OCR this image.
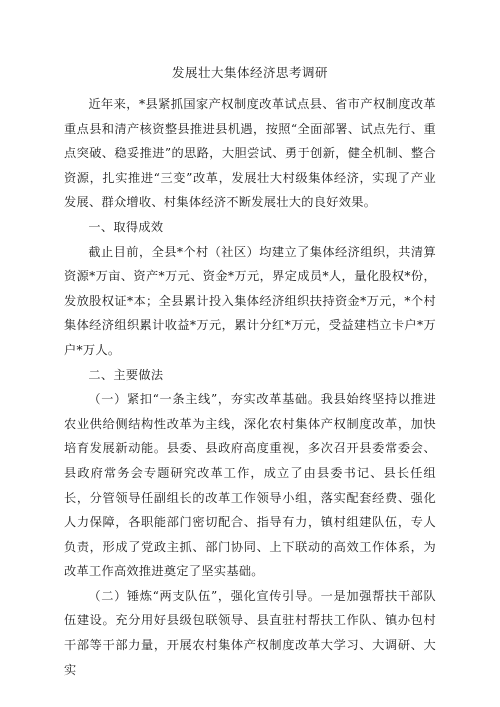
发展壮大集体经济思考调研

近年来，*县紧抓国家产权制度改革试点县、省市产权制度改革重点县和清产核资整县推进县机遇，按照“全面部署、试点先行、重点突破、稳妥推进”的思路，大胆尝试、勇于创新，健全机制、整合资源，扎实推进“三变”改革，发展壮大村级集体经济，实现了产业发展、群众增收、村集体经济不断发展壮大的良好效果。

一、取得成效

截止目前，全县*个村（社区）均建立了集体经济组织，共清算资源*万亩、资产*万元、资金*万元，界定成员*人，量化股权*份，发放股权证*本；全县累计投入集体经济组织扶持资金*万元，*个村集体经济组织累计收益*万元，累计分红*万元，受益建档立卡户*万户*万人。

二、主要做法

（一）紧扣“一条主线”，夯实改革基础。我县始终坚持以推进农业供给侧结构性改革为主线，深化农村集体产权制度改革，加快培育发展新动能。县委、县政府高度重视，多次召开县委常委会、县政府常务会专题研究改革工作，成立了由县委书记、县长任组长，分管领导任副组长的改革工作领导小组，落实配套经费、强化人力保障，各职能部门密切配合、指导有力，镇村组建队伍，专人负责，形成了党政主抓、部门协同、上下联动的高效工作体系，为改革工作高效推进奠定了坚实基础。

（二）锤炼“两支队伍”，强化宣传引导。一是加强帮扶干部队伍建设。充分用好县级包联领导、县直驻村帮扶工作队、镇办包村干部等干部力量，开展农村集体产权制度改革大学习、大调研、大实
